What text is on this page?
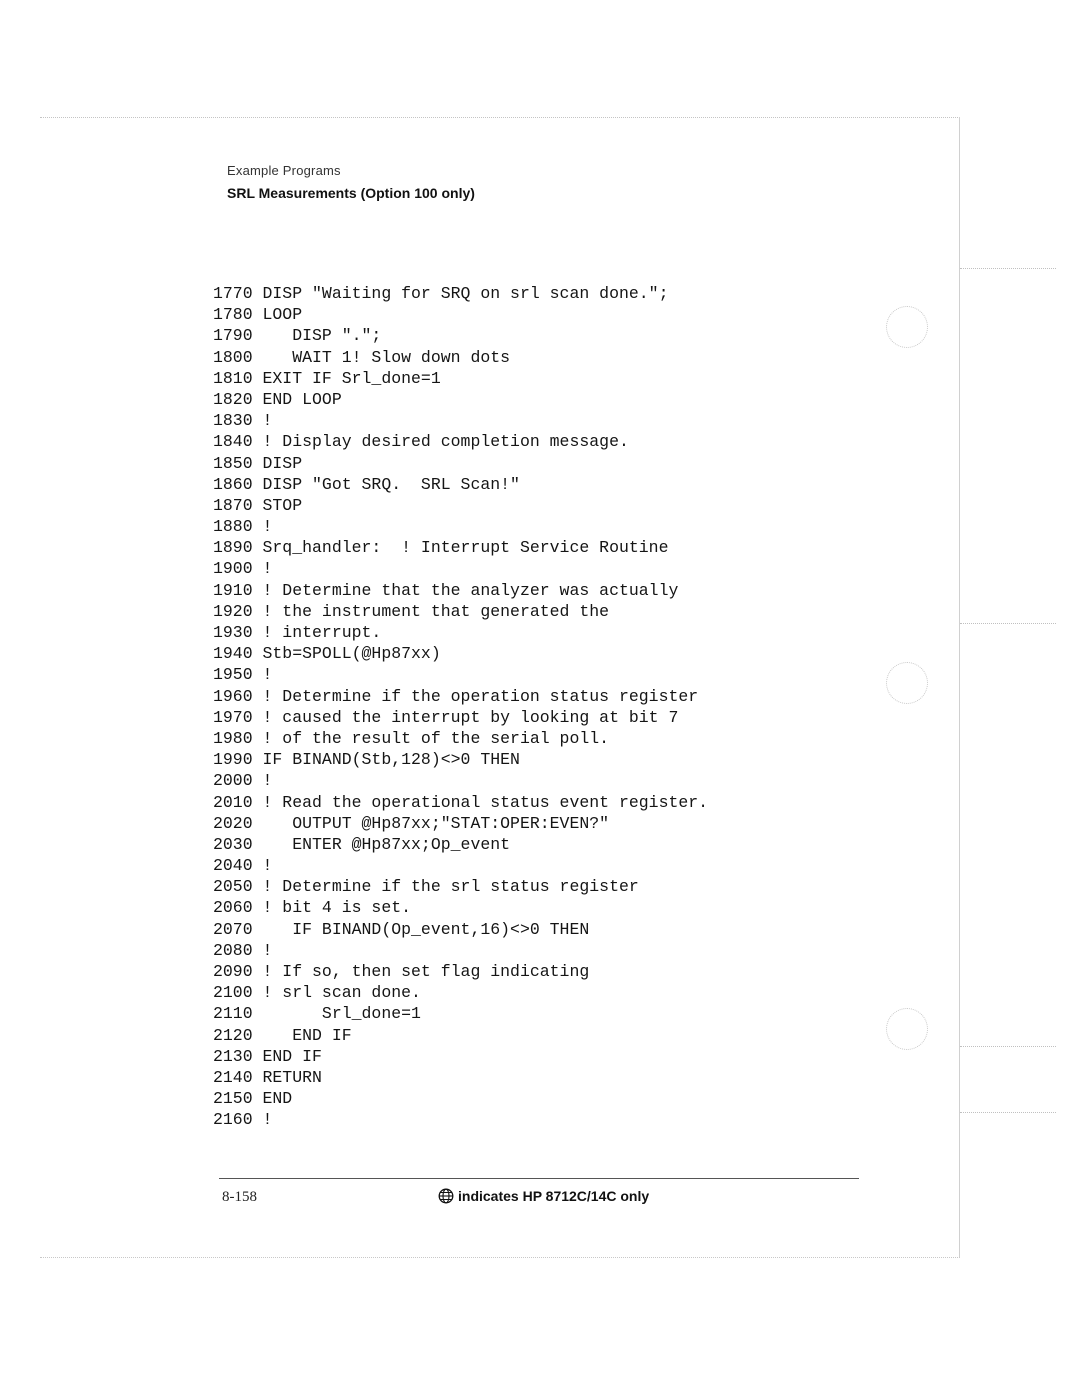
Example Programs
SRL Measurements (Option 100 only)
1770 DISP "Waiting for SRQ on srl scan done.";
1780 LOOP
1790    DISP ".";
1800    WAIT 1! Slow down dots
1810 EXIT IF Srl_done=1
1820 END LOOP
1830 !
1840 ! Display desired completion message.
1850 DISP
1860 DISP "Got SRQ.  SRL Scan!"
1870 STOP
1880 !
1890 Srq_handler:  ! Interrupt Service Routine
1900 !
1910 ! Determine that the analyzer was actually
1920 ! the instrument that generated the
1930 ! interrupt.
1940 Stb=SPOLL(@Hp87xx)
1950 !
1960 ! Determine if the operation status register
1970 ! caused the interrupt by looking at bit 7
1980 ! of the result of the serial poll.
1990 IF BINAND(Stb,128)<>0 THEN
2000 !
2010 ! Read the operational status event register.
2020    OUTPUT @Hp87xx;"STAT:OPER:EVEN?"
2030    ENTER @Hp87xx;Op_event
2040 !
2050 ! Determine if the srl status register
2060 ! bit 4 is set.
2070    IF BINAND(Op_event,16)<>0 THEN
2080 !
2090 ! If so, then set flag indicating
2100 ! srl scan done.
2110       Srl_done=1
2120    END IF
2130 END IF
2140 RETURN
2150 END
2160 !
8-158	indicates HP 8712C/14C only
